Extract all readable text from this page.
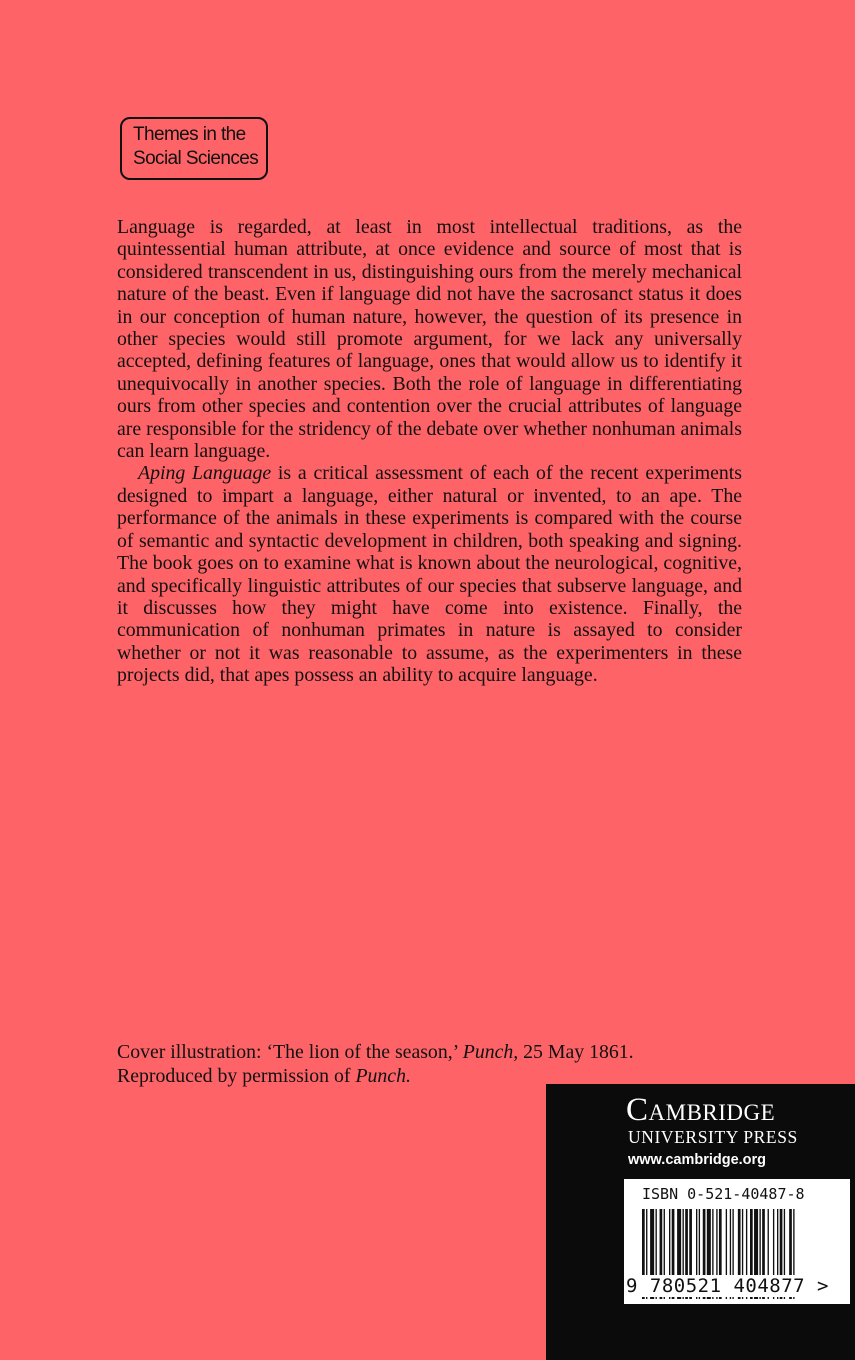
Themes in the
Social Sciences

Language is regarded, at least in most intellectual traditions, as the quintessential human attribute, at once evidence and source of most that is considered transcendent in us, distinguishing ours from the merely mechanical nature of the beast. Even if language did not have the sacrosanct status it does in our conception of human nature, however, the question of its presence in other species would still promote argument, for we lack any universally accepted, defining features of language, ones that would allow us to identify it unequivocally in another species. Both the role of language in differentiating ours from other species and contention over the crucial attributes of language are responsible for the stridency of the debate over whether nonhuman animals can learn language.

Aping Language is a critical assessment of each of the recent experiments designed to impart a language, either natural or invented, to an ape. The performance of the animals in these experiments is compared with the course of semantic and syntactic development in children, both speaking and signing. The book goes on to examine what is known about the neurological, cognitive, and specifically linguistic attributes of our species that subserve language, and it discusses how they might have come into existence. Finally, the communication of nonhuman primates in nature is assayed to consider whether or not it was reasonable to assume, as the experimenters in these projects did, that apes possess an ability to acquire language.

Cover illustration: ‘The lion of the season,’ Punch, 25 May 1861.
Reproduced by permission of Punch.
Cambridge
UNIVERSITY PRESS
www.cambridge.org
ISBN 0-521-40487-8
9 780521 404877 >
